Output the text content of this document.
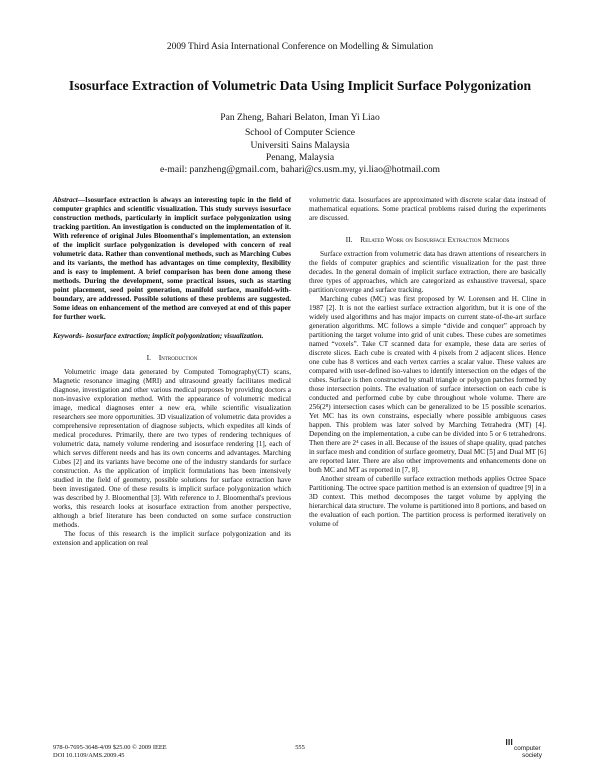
2009 Third Asia International Conference on Modelling & Simulation
Isosurface Extraction of Volumetric Data Using Implicit Surface Polygonization
Pan Zheng, Bahari Belaton, Iman Yi Liao
School of Computer Science
Universiti Sains Malaysia
Penang, Malaysia
e-mail: panzheng@gmail.com, bahari@cs.usm.my, yi.liao@hotmail.com
Abstract—Isosurface extraction is always an interesting topic in the field of computer graphics and scientific visualization. This study surveys isosurface construction methods, particularly in implicit surface polygonization using tracking partition. An investigation is conducted on the implementation of it. With reference of original Jules Bloomenthal's implementation, an extension of the implicit surface polygonization is developed with concern of real volumetric data. Rather than conventional methods, such as Marching Cubes and its variants, the method has advantages on time complexity, flexibility and is easy to implement. A brief comparison has been done among these methods. During the development, some practical issues, such as starting point placement, seed point generation, manifold surface, manifold-with-boundary, are addressed. Possible solutions of these problems are suggested. Some ideas on enhancement of the method are conveyed at end of this paper for further work.
Keywords- isosurface extraction; implicit polygonization; visualization.
I. Introduction

Volumetric image data generated by Computed Tomography(CT) scans, Magnetic resonance imaging (MRI) and ultrasound greatly facilitates medical diagnose, investigation and other various medical purposes by providing doctors a non-invasive exploration method. With the appearance of volumetric medical image, medical diagnoses enter a new era, while scientific visualization researchers see more opportunities. 3D visualization of volumetric data provides a comprehensive representation of diagnose subjects, which expedites all kinds of medical procedures. Primarily, there are two types of rendering techniques of volumetric data, namely volume rendering and isosurface rendering [1], each of which serves different needs and has its own concerns and advantages. Marching Cubes [2] and its variants have become one of the industry standards for surface construction. As the application of implicit formulations has been intensively studied in the field of geometry, possible solutions for surface extraction have been investigated. One of these results is implicit surface polygonization which was described by J. Bloomenthal [3]. With reference to J. Bloomenthal's previous works, this research looks at isosurface extraction from another perspective, although a brief literature has been conducted on some surface construction methods.

The focus of this research is the implicit surface polygonization and its extension and application on real

volumetric data. Isosurfaces are approximated with discrete scalar data instead of mathematical equations. Some practical problems raised during the experiments are discussed.

II. Related Work on Isosurface Extraction Methods

Surface extraction from volumetric data has drawn attentions of researchers in the fields of computer graphics and scientific visualization for the past three decades. In the general domain of implicit surface extraction, there are basically three types of approaches, which are categorized as exhaustive traversal, space partition/converge and surface tracking.

Marching cubes (MC) was first proposed by W. Lorensen and H. Cline in 1987 [2]. It is not the earliest surface extraction algorithm, but it is one of the widely used algorithms and has major impacts on current state-of-the-art surface generation algorithms. MC follows a simple “divide and conquer” approach by partitioning the target volume into grid of unit cubes. These cubes are sometimes named “voxels”. Take CT scanned data for example, these data are series of discrete slices. Each cube is created with 4 pixels from 2 adjacent slices. Hence one cube has 8 vertices and each vertex carries a scalar value. These values are compared with user-defined iso-values to identify intersection on the edges of the cubes. Surface is then constructed by small triangle or polygon patches formed by those intersection points. The evaluation of surface intersection on each cube is conducted and performed cube by cube throughout whole volume. There are 256(2⁸) intersection cases which can be generalized to be 15 possible scenarios. Yet MC has its own constrains, especially where possible ambiguous cases happen. This problem was later solved by Marching Tetrahedra (MT) [4]. Depending on the implementation, a cube can be divided into 5 or 6 tetrahedrons. Then there are 2⁴ cases in all. Because of the issues of shape quality, quad patches in surface mesh and condition of surface geometry, Dual MC [5] and Dual MT [6] are reported later. There are also other improvements and enhancements done on both MC and MT as reported in [7, 8].

Another stream of cuberille surface extraction methods applies Octree Space Partitioning. The octree space partition method is an extension of quadtree [9] in a 3D context. This method decomposes the target volume by applying the hierarchical data structure. The volume is partitioned into 8 portions, and based on the evaluation of each portion. The partition process is performed iteratively on volume of

978-0-7695-3648-4/09 $25.00 © 2009 IEEE
DOI 10.1109/AMS.2009.45
555	computer
society
